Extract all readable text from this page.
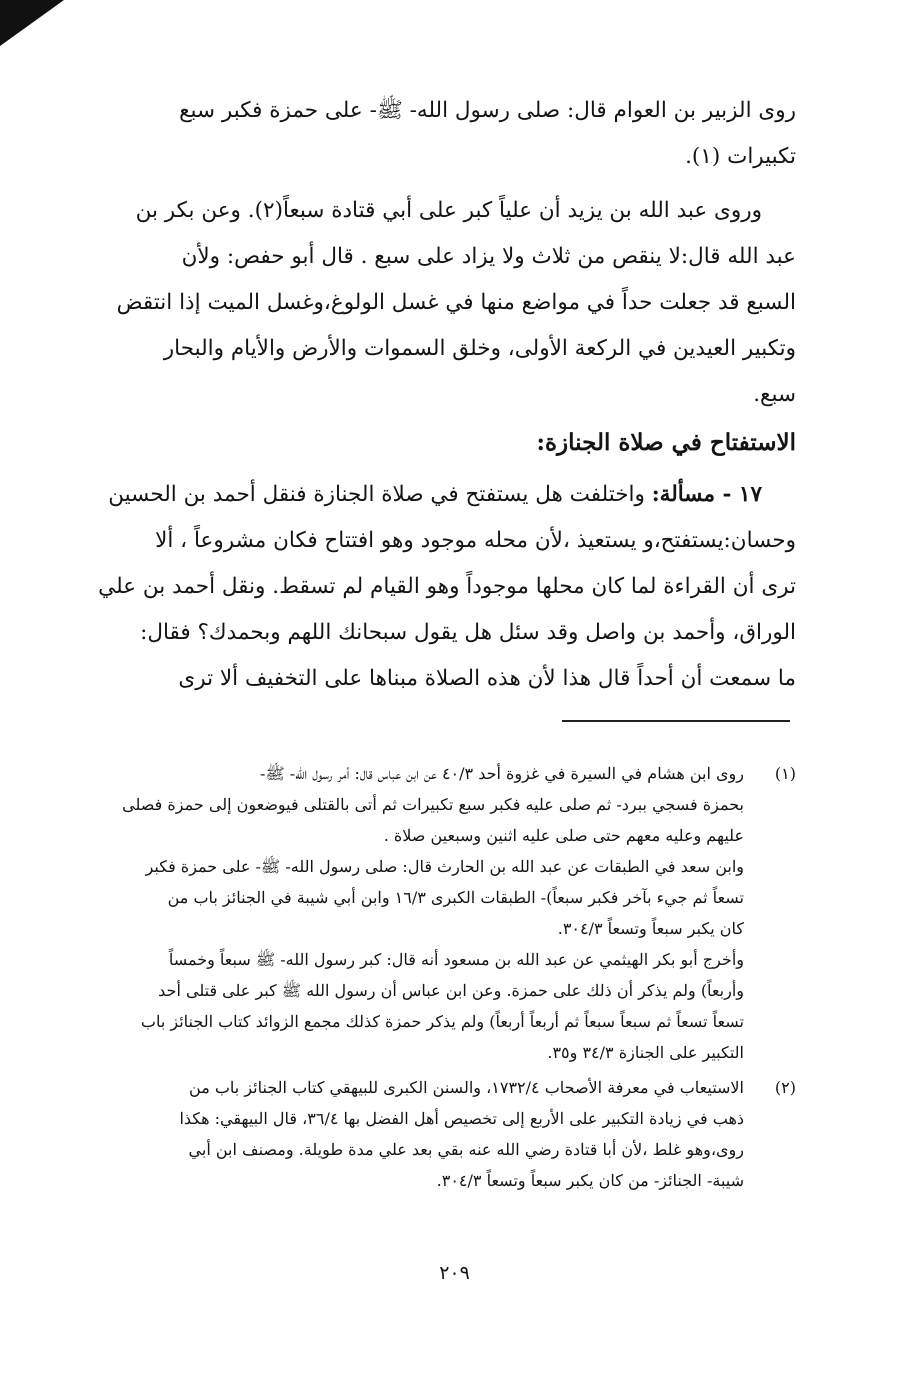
روى الزبير بن العوام قال: صلى رسول الله- ﷺ- على حمزة فكبر سبع
تكبيرات (١).
وروى عبد الله بن يزيد أن علياً كبر على أبي قتادة سبعاً(٢). وعن بكر بن
عبد الله قال:لا ينقص من ثلاث ولا يزاد على سبع . قال أبو حفص: ولأن
السبع قد جعلت حداً في مواضع منها في غسل الولوغ،وغسل الميت إذا انتقض
وتكبير العيدين في الركعة الأولى، وخلق السموات والأرض والأيام والبحار
سبع.
الاستفتاح في صلاة الجنازة:
١٧ - مسألة: واختلفت هل يستفتح في صلاة الجنازة فنقل أحمد بن الحسين
وحسان:يستفتح،و يستعيذ ،لأن محله موجود وهو افتتاح فكان مشروعاً ، ألا
ترى أن القراءة لما كان محلها موجوداً وهو القيام لم تسقط. ونقل أحمد بن علي
الوراق، وأحمد بن واصل وقد سئل هل يقول سبحانك اللهم وبحمدك؟ فقال:
ما سمعت أن أحداً قال هذا لأن هذه الصلاة مبناها على التخفيف ألا ترى
(١)
روى ابن هشام في السيرة في غزوة أحد ٤٠/٣ عن ابن عباس قال: أمر رسول الله- ﷺ-
بحمزة فسجي ببرد- ثم صلى عليه فكبر سبع تكبيرات ثم أتى بالقتلى فيوضعون إلى حمزة فصلى
عليهم وعليه معهم حتى صلى عليه اثنين وسبعين صلاة .
وابن سعد في الطبقات عن عبد الله بن الحارث قال: صلى رسول الله- ﷺ- على حمزة فكبر
تسعاً ثم جيء بآخر فكبر سبعاً)- الطبقات الكبرى ١٦/٣ وابن أبي شيبة في الجنائز باب من
كان يكبر سبعاً وتسعاً ٣٠٤/٣.
وأخرج أبو بكر الهيثمي عن عبد الله بن مسعود أنه قال: كبر رسول الله- ﷺ سبعاً وخمساً
وأربعاً) ولم يذكر أن ذلك على حمزة. وعن ابن عباس أن رسول الله ﷺ كبر على قتلى أحد
تسعاً تسعاً ثم سبعاً سبعاً ثم أربعاً أربعاً) ولم يذكر حمزة كذلك مجمع الزوائد كتاب الجنائز باب
التكبير على الجنازة ٣٤/٣ و٣٥.
(٢)
الاستيعاب في معرفة الأصحاب ١٧٣٢/٤، والسنن الكبرى للبيهقي كتاب الجنائز باب من
ذهب في زيادة التكبير على الأربع إلى تخصيص أهل الفضل بها ٣٦/٤، قال البيهقي: هكذا
روى،وهو غلط ،لأن أبا قتادة رضي الله عنه بقي بعد علي مدة طويلة. ومصنف ابن أبي
شيبة- الجنائز- من كان يكبر سبعاً وتسعاً ٣٠٤/٣.
٢٠٩
